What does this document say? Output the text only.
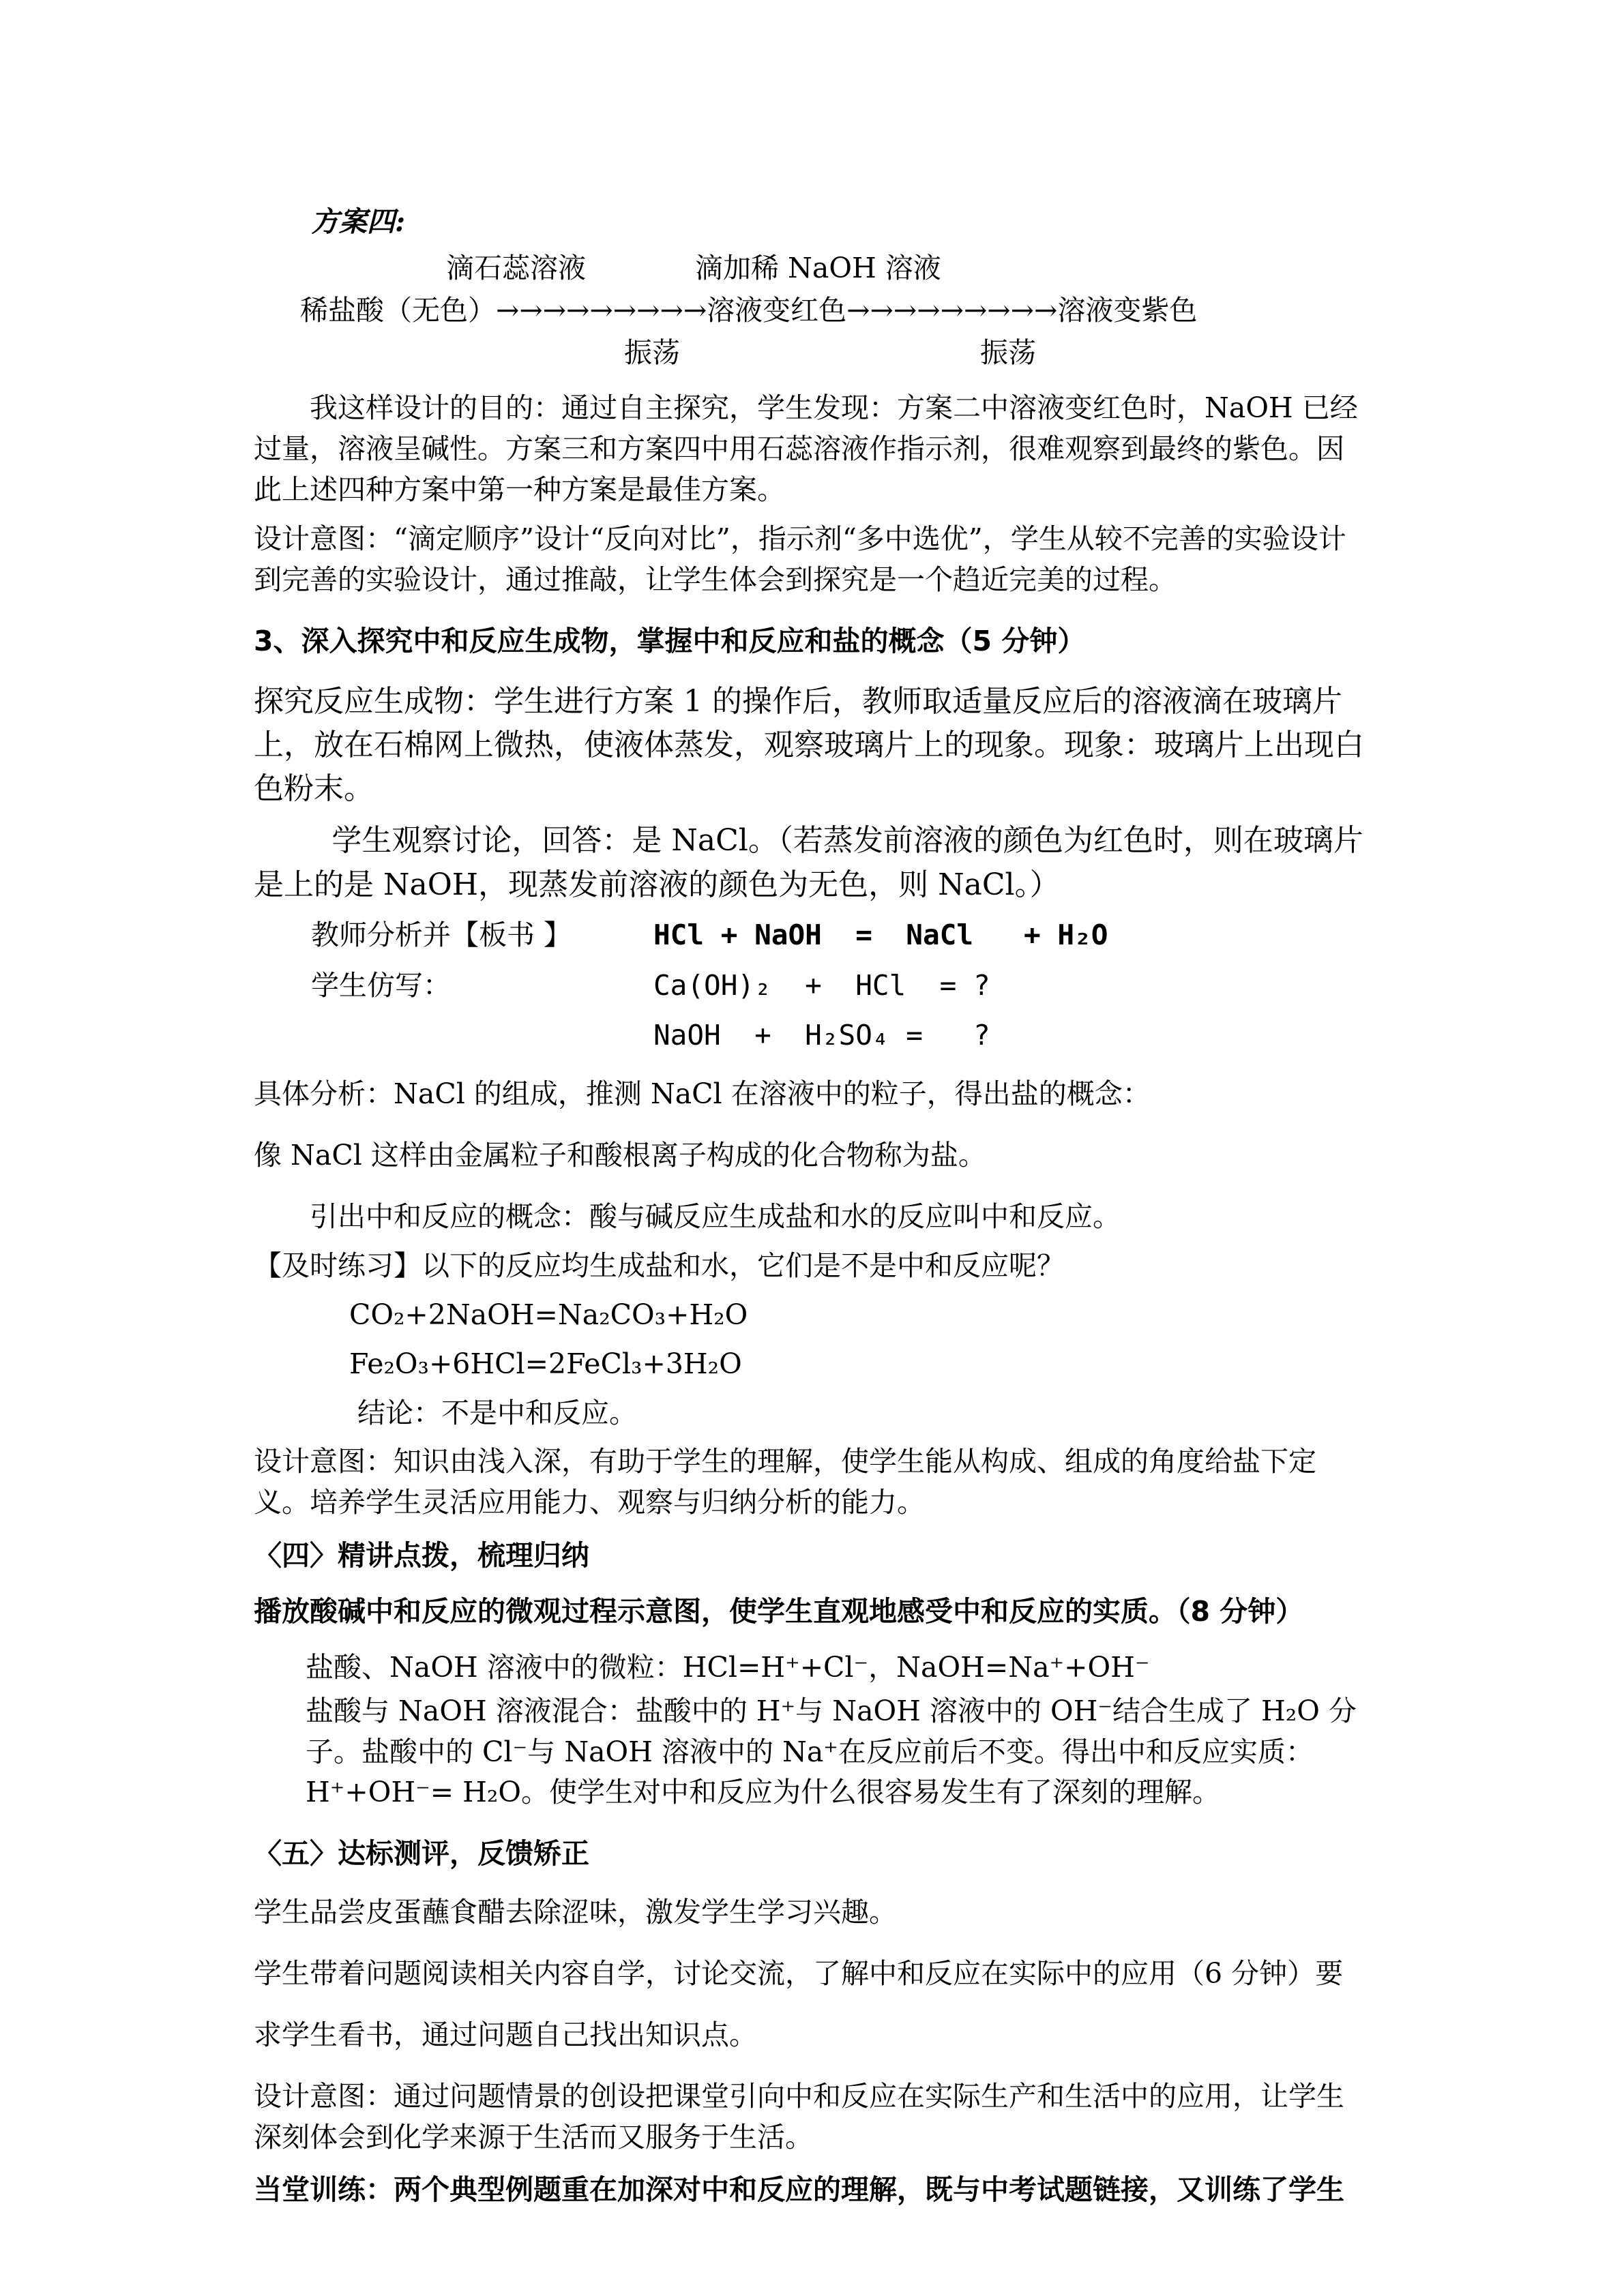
方案四:

滴石蕊溶液	滴加稀 NaOH 溶液

稀盐酸（无色）→→→→→→→→→溶液变红色→→→→→→→→→溶液变紫色

振荡	振荡

我这样设计的目的：通过自主探究，学生发现：方案二中溶液变红色时，NaOH 已经过量，溶液呈碱性。方案三和方案四中用石蕊溶液作指示剂，很难观察到最终的紫色。因此上述四种方案中第一种方案是最佳方案。

设计意图：“滴定顺序”设计“反向对比”，指示剂“多中选优”，学生从较不完善的实验设计到完善的实验设计，通过推敲，让学生体会到探究是一个趋近完美的过程。

3、深入探究中和反应生成物，掌握中和反应和盐的概念（5 分钟）

探究反应生成物：学生进行方案 1 的操作后，教师取适量反应后的溶液滴在玻璃片上，放在石棉网上微热，使液体蒸发，观察玻璃片上的现象。现象：玻璃片上出现白色粉末。

学生观察讨论，回答：是 NaCl。（若蒸发前溶液的颜色为红色时，则在玻璃片是上的是 NaOH，现蒸发前溶液的颜色为无色，则 NaCl。）

教师分析并【板书 】	HCl + NaOH  =  NaCl   + H₂O
学生仿写：	Ca(OH)₂  +  HCl  = ?
NaOH  +  H₂SO₄ =   ?

具体分析：NaCl 的组成，推测 NaCl 在溶液中的粒子，得出盐的概念：

像 NaCl 这样由金属粒子和酸根离子构成的化合物称为盐。

引出中和反应的概念：酸与碱反应生成盐和水的反应叫中和反应。

【及时练习】以下的反应均生成盐和水，它们是不是中和反应呢？

CO₂+2NaOH=Na₂CO₃+H₂O

Fe₂O₃+6HCl=2FeCl₃+3H₂O

结论：不是中和反应。

设计意图：知识由浅入深，有助于学生的理解，使学生能从构成、组成的角度给盐下定义。培养学生灵活应用能力、观察与归纳分析的能力。

〈四〉精讲点拨，梳理归纳
播放酸碱中和反应的微观过程示意图，使学生直观地感受中和反应的实质。（8 分钟）

盐酸、NaOH 溶液中的微粒：HCl=H⁺+Cl⁻，NaOH=Na⁺+OH⁻

盐酸与 NaOH 溶液混合：盐酸中的 H⁺与 NaOH 溶液中的 OH⁻结合生成了 H₂O 分子。盐酸中的 Cl⁻与 NaOH 溶液中的 Na⁺在反应前后不变。得出中和反应实质：H⁺+OH⁻= H₂O。使学生对中和反应为什么很容易发生有了深刻的理解。

〈五〉达标测评，反馈矫正

学生品尝皮蛋蘸食醋去除涩味，激发学生学习兴趣。

学生带着问题阅读相关内容自学，讨论交流，了解中和反应在实际中的应用（6 分钟）要

求学生看书，通过问题自己找出知识点。

设计意图：通过问题情景的创设把课堂引向中和反应在实际生产和生活中的应用，让学生深刻体会到化学来源于生活而又服务于生活。

当堂训练：两个典型例题重在加深对中和反应的理解，既与中考试题链接，又训练了学生
